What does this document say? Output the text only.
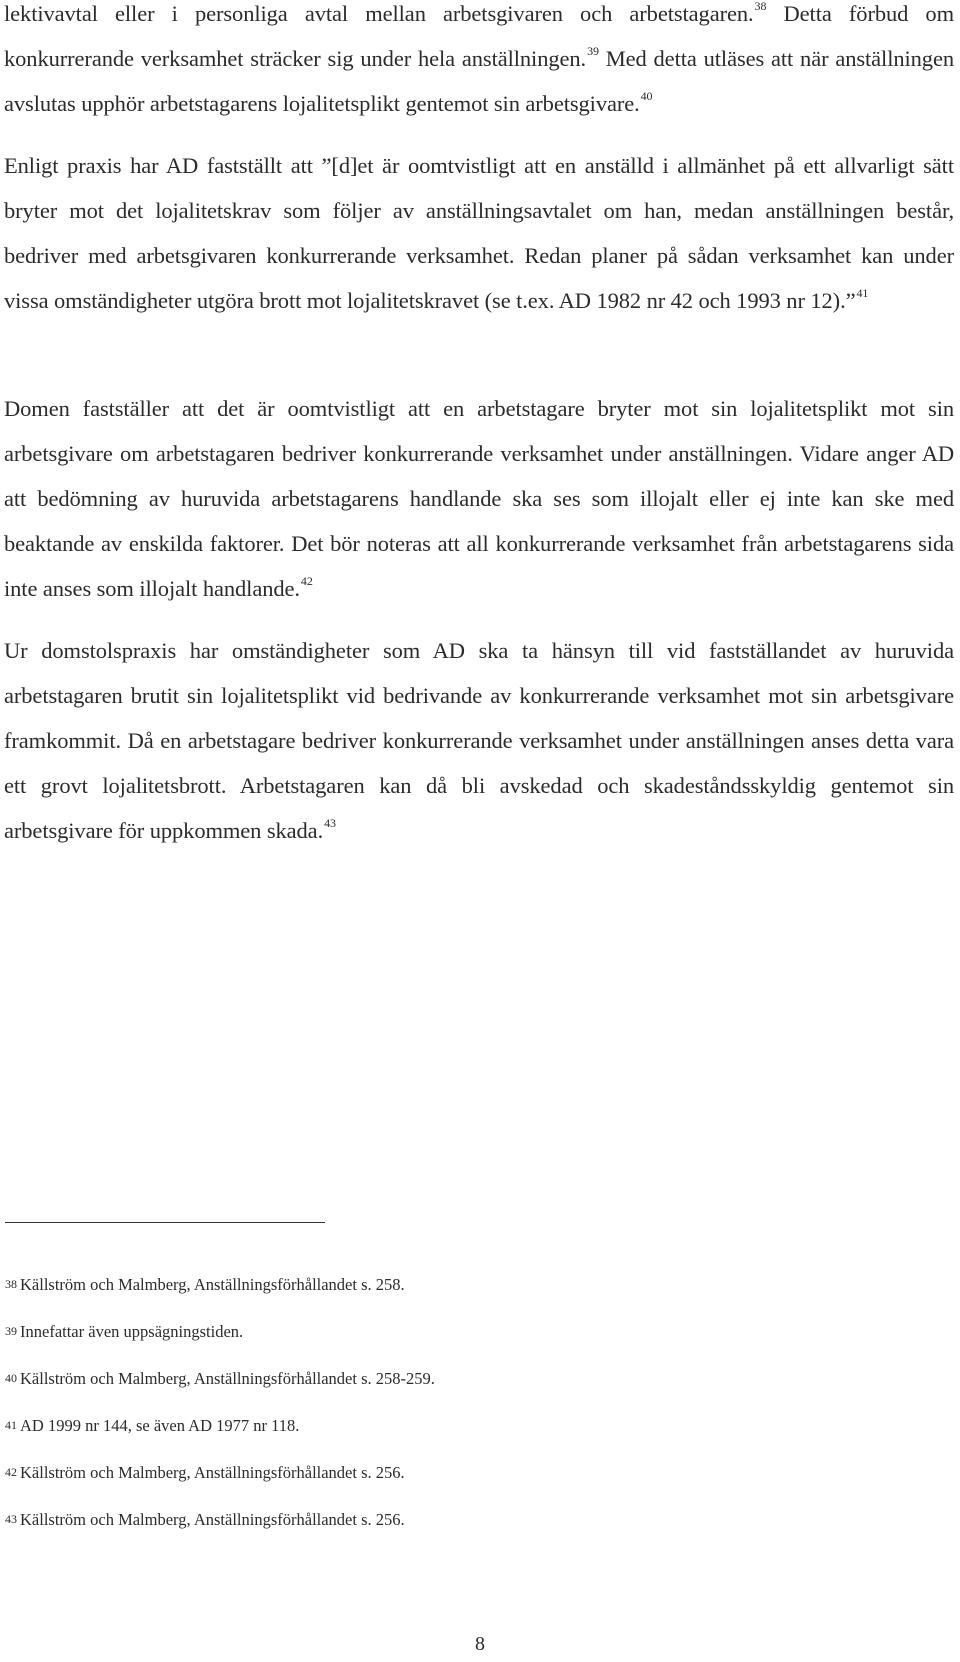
lektivavtal eller i personliga avtal mellan arbetsgivaren och arbetstagaren.$^{38}$ Detta förbud om konkurrerande verksamhet sträcker sig under hela anställningen.$^{39}$ Med detta utläses att när anställningen avslutas upphör arbetstagarens lojalitetsplikt gentemot sin arbetsgivare.$^{40}$

Enligt praxis har AD fastställt att ”[d]et är oomtvistligt att en anställd i allmänhet på ett allvarligt sätt bryter mot det lojalitetskrav som följer av anställningsavtalet om han, medan anställningen består, bedriver med arbetsgivaren konkurrerande verksamhet. Redan planer på sådan verksamhet kan under vissa omständigheter utgöra brott mot lojalitetskravet (se t.ex. AD 1982 nr 42 och 1993 nr 12).”$^{41}$

Domen fastställer att det är oomtvistligt att en arbetstagare bryter mot sin lojalitetsplikt mot sin arbetsgivare om arbetstagaren bedriver konkurrerande verksamhet under anställningen. Vidare anger AD att bedömning av huruvida arbetstagarens handlande ska ses som illojalt eller ej inte kan ske med beaktande av enskilda faktorer. Det bör noteras att all konkurrerande verksamhet från arbetstagarens sida inte anses som illojalt handlande.$^{42}$

Ur domstolspraxis har omständigheter som AD ska ta hänsyn till vid fastställandet av huruvida arbetstagaren brutit sin lojalitetsplikt vid bedrivande av konkurrerande verksamhet mot sin arbetsgivare framkommit. Då en arbetstagare bedriver konkurrerande verksamhet under anställningen anses detta vara ett grovt lojalitetsbrott. Arbetstagaren kan då bli avskedad och skadeståndsskyldig gentemot sin arbetsgivare för uppkommen skada.$^{43}$

38 Källström och Malmberg, Anställningsförhållandet s. 258.
39 Innefattar även uppsägningstiden.
40 Källström och Malmberg, Anställningsförhållandet s. 258-259.
41 AD 1999 nr 144, se även AD 1977 nr 118.
42 Källström och Malmberg, Anställningsförhållandet s. 256.
43 Källström och Malmberg, Anställningsförhållandet s. 256.
8
